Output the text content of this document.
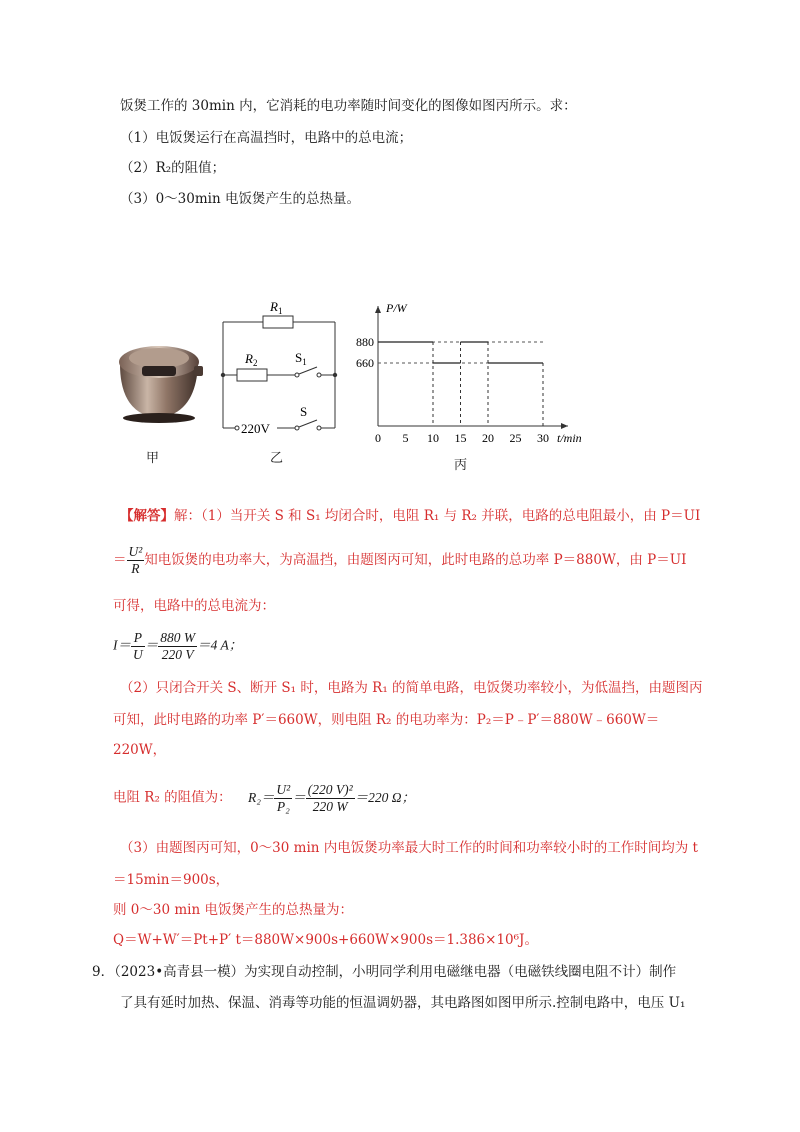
饭煲工作的 30min 内，它消耗的电功率随时间变化的图像如图丙所示。求：
（1）电饭煲运行在高温挡时，电路中的总电流；
（2）R₂的阻值；
（3）0～30min 电饭煲产生的总热量。
甲
$R_1$
$R_2$	$S_1$
S
220V
乙
660
880
0 5 10 15 20 25 30 t/min
P/W
丙
【解答】解：（1）当开关 S 和 S₁ 均闭合时，电阻 R₁ 与 R₂ 并联，电路的总电阻最小，由 P＝UI
＝ $\frac{\text{U²}}{R}$ 知电饭煲的电功率大，为高温挡，由题图丙可知，此时电路的总功率 P＝880W，由 P＝UI
可得，电路中的总电流为：
$I= \frac{P}{U} = \frac{880 W}{220 V} =4$ A；
（2）只闭合开关 S、断开 S₁ 时，电路为 R₁ 的简单电路，电饭煲功率较小，为低温挡，由题图丙
可知，此时电路的功率 P′＝660W，则电阻 R₂ 的电功率为：P₂＝P﹣P′＝880W﹣660W＝
220W，
电阻 R₂ 的阻值为： $R_2= \frac{\text{U²}}{\text{P₂}} = \frac{\text{(220 V)²}}{220 W} =220$ Ω；
（3）由题图丙可知，0～30 min 内电饭煲功率最大时工作的时间和功率较小时的工作时间均为 t
＝15min＝900s，
则 0～30 min 电饭煲产生的总热量为：
Q＝W+W′＝Pt+P′ t＝880W×900s+660W×900s＝1.386×10⁶J。
9．（2023•高青县一模）为实现自动控制，小明同学利用电磁继电器（电磁铁线圈电阻不计）制作
了具有延时加热、保温、消毒等功能的恒温调奶器，其电路图如图甲所示.控制电路中，电压 U₁
